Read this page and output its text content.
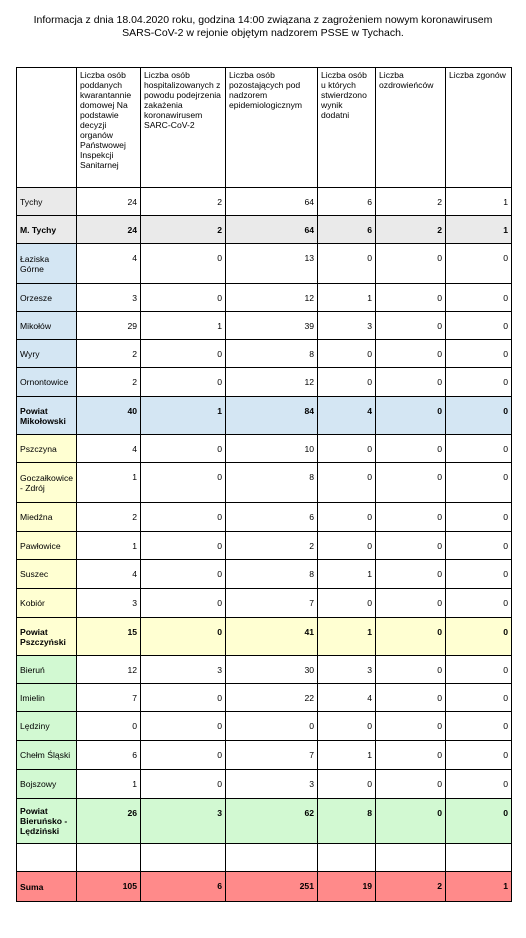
Informacja z dnia 18.04.2020 roku, godzina 14:00 związana z zagrożeniem nowym koronawirusem
SARS-CoV-2 w rejonie objętym nadzorem PSSE w Tychach.

	Liczba osób poddanych kwarantannie domowej Na podstawie decyzji organów Państwowej Inspekcji Sanitarnej	Liczba osób hospitalizowanych z powodu podejrzenia zakażenia koronawirusem SARC-CoV-2	Liczba osób pozostających pod nadzorem epidemiologicznym	Liczba osób u których stwierdzono wynik dodatni	Liczba ozdrowieńców	Liczba zgonów

Tychy	24	2	64	6	2	1
M. Tychy	24	2	64	6	2	1
Łaziska Górne	4	0	13	0	0	0
Orzesze	3	0	12	1	0	0
Mikołów	29	1	39	3	0	0
Wyry	2	0	8	0	0	0
Ornontowice	2	0	12	0	0	0
Powiat Mikołowski	40	1	84	4	0	0
Pszczyna	4	0	10	0	0	0
Goczałkowice - Zdrój	1	0	8	0	0	0
Miedźna	2	0	6	0	0	0
Pawłowice	1	0	2	0	0	0
Suszec	4	0	8	1	0	0
Kobiór	3	0	7	0	0	0
Powiat Pszczyński	15	0	41	1	0	0
Bieruń	12	3	30	3	0	0
Imielin	7	0	22	4	0	0
Lędziny	0	0	0	0	0	0
Chełm Śląski	6	0	7	1	0	0
Bojszowy	1	0	3	0	0	0
Powiat Bieruńsko - Lędziński	26	3	62	8	0	0

Suma	105	6	251	19	2	1
